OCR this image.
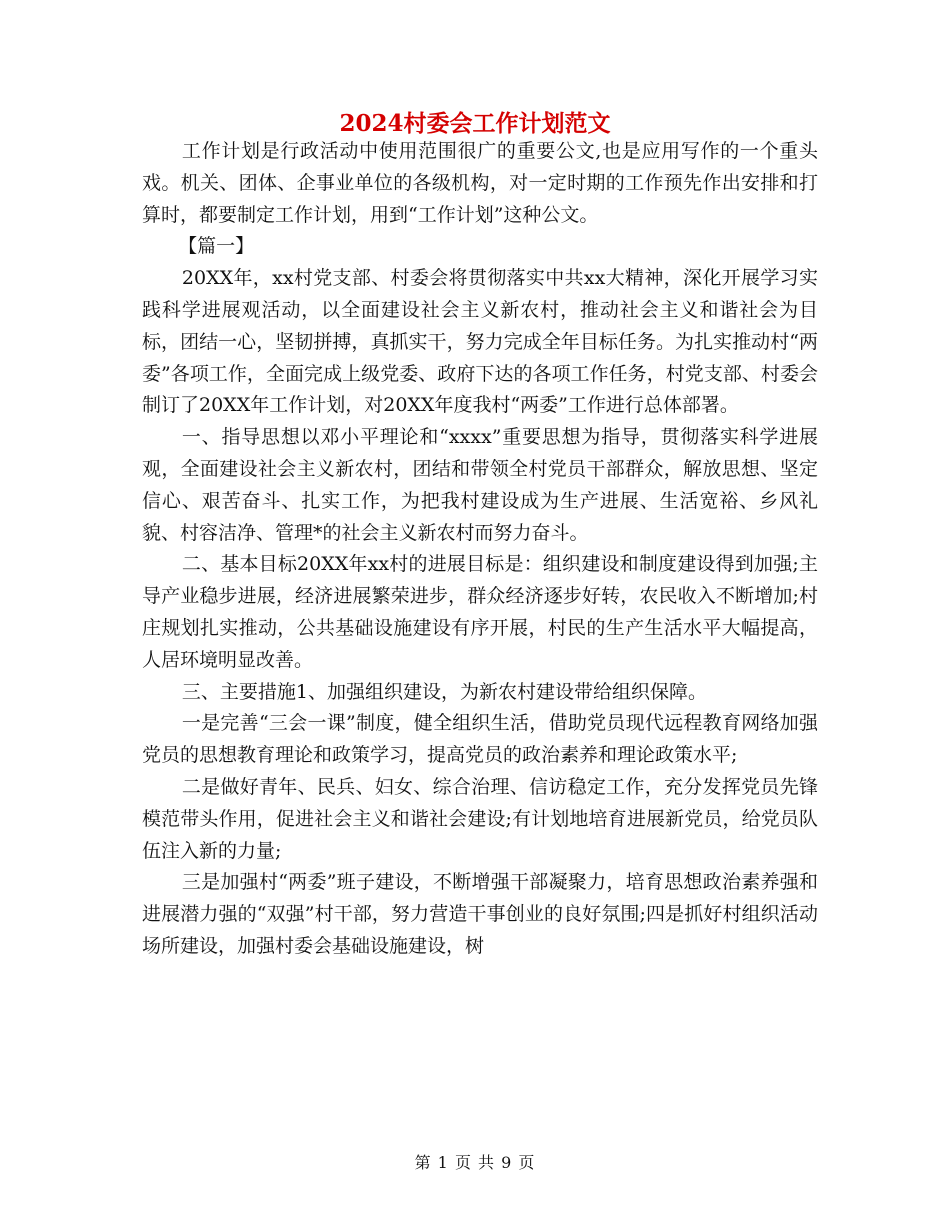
2024村委会工作计划范文

工作计划是行政活动中使用范围很广的重要公文,也是应用写作的一个重头戏。机关、团体、企事业单位的各级机构，对一定时期的工作预先作出安排和打算时，都要制定工作计划，用到“工作计划”这种公文。

【篇一】

20XX年，xx村党支部、村委会将贯彻落实中共xx大精神，深化开展学习实践科学进展观活动，以全面建设社会主义新农村，推动社会主义和谐社会为目标，团结一心，坚韧拼搏，真抓实干，努力完成全年目标任务。为扎实推动村“两委”各项工作，全面完成上级党委、政府下达的各项工作任务，村党支部、村委会制订了20XX年工作计划，对20XX年度我村“两委”工作进行总体部署。

一、指导思想以邓小平理论和“xxxx”重要思想为指导，贯彻落实科学进展观，全面建设社会主义新农村，团结和带领全村党员干部群众，解放思想、坚定信心、艰苦奋斗、扎实工作，为把我村建设成为生产进展、生活宽裕、乡风礼貌、村容洁净、管理*的社会主义新农村而努力奋斗。

二、基本目标20XX年xx村的进展目标是：组织建设和制度建设得到加强;主导产业稳步进展，经济进展繁荣进步，群众经济逐步好转，农民收入不断增加;村庄规划扎实推动，公共基础设施建设有序开展，村民的生产生活水平大幅提高，人居环境明显改善。

三、主要措施1、加强组织建设，为新农村建设带给组织保障。

一是完善“三会一课”制度，健全组织生活，借助党员现代远程教育网络加强党员的思想教育理论和政策学习，提高党员的政治素养和理论政策水平;

二是做好青年、民兵、妇女、综合治理、信访稳定工作，充分发挥党员先锋模范带头作用，促进社会主义和谐社会建设;有计划地培育进展新党员，给党员队伍注入新的力量;

三是加强村“两委”班子建设，不断增强干部凝聚力，培育思想政治素养强和进展潜力强的“双强”村干部，努力营造干事创业的良好氛围;四是抓好村组织活动场所建设，加强村委会基础设施建设，树

第 1 页 共 9 页
